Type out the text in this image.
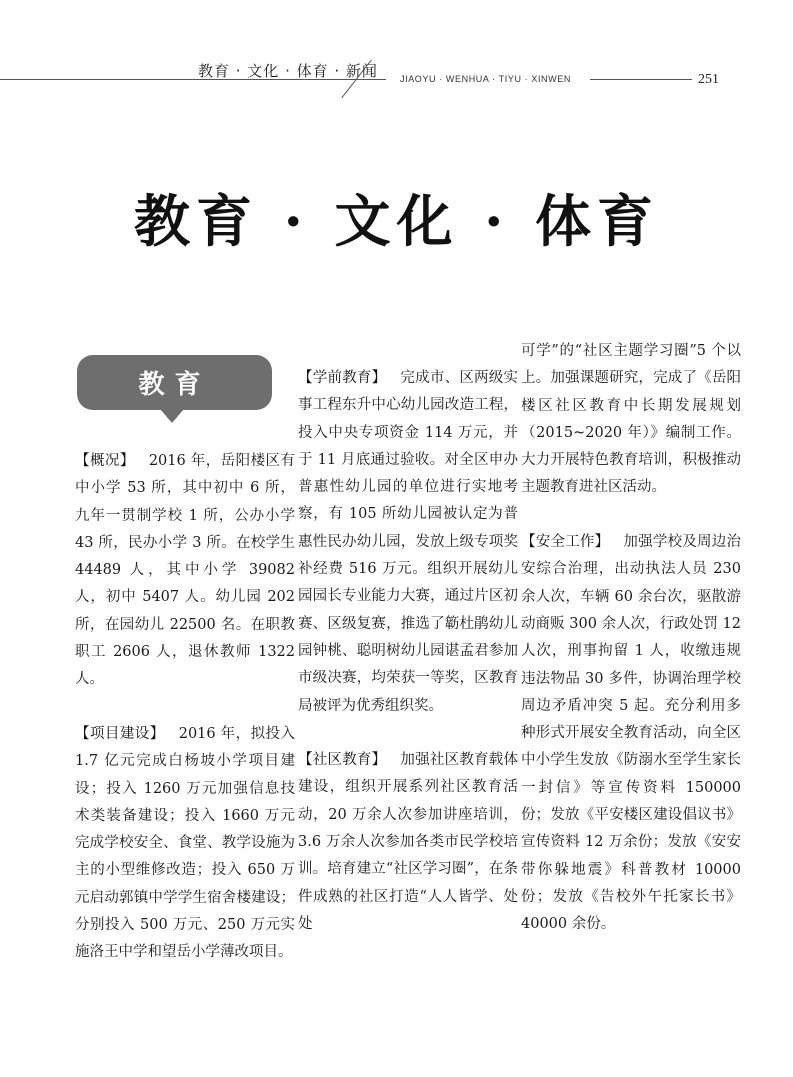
教育 · 文化 · 体育 · 新闻 JIAOYU · WENHUA · TIYU · XINWEN	251
教育 · 文化 · 体育
教育

【概况】 2016 年，岳阳楼区有中小学 53 所，其中初中 6 所，九年一贯制学校 1 所，公办小学 43 所，民办小学 3 所。在校学生 44489 人，其中小学 39082 人，初中 5407 人。幼儿园 202 所，在园幼儿 22500 名。在职教职工 2606 人，退休教师 1322 人。

【项目建设】 2016 年，拟投入 1.7 亿元完成白杨坡小学项目建设；投入 1260 万元加强信息技术类装备建设；投入 1660 万元完成学校安全、食堂、教学设施为主的小型维修改造；投入 650 万元启动郭镇中学学生宿舍楼建设；分别投入 500 万元、250 万元实施洛王中学和望岳小学薄改项目。

【学前教育】 完成市、区两级实事工程东升中心幼儿园改造工程，投入中央专项资金 114 万元，并于 11 月底通过验收。对全区申办普惠性幼儿园的单位进行实地考察，有 105 所幼儿园被认定为普惠性民办幼儿园，发放上级专项奖补经费 516 万元。组织开展幼儿园园长专业能力大赛，通过片区初赛、区级复赛，推选了簕杜鹃幼儿园钟桃、聪明树幼儿园谌孟君参加市级决赛，均荣获一等奖，区教育局被评为优秀组织奖。

【社区教育】 加强社区教育载体建设，组织开展系列社区教育活动，20 万余人次参加讲座培训，3.6 万余人次参加各类市民学校培训。培育建立“社区学习圈”，在条件成熟的社区打造“人人皆学、处处

可学”的“社区主题学习圈”5 个以上。加强课题研究，完成了《岳阳楼区社区教育中长期发展规划（2015~2020 年）》编制工作。大力开展特色教育培训，积极推动主题教育进社区活动。

【安全工作】 加强学校及周边治安综合治理，出动执法人员 230 余人次，车辆 60 余台次，驱散游动商贩 300 余人次，行政处罚 12 人次，刑事拘留 1 人，收缴违规违法物品 30 多件，协调治理学校周边矛盾冲突 5 起。充分利用多种形式开展安全教育活动，向全区中小学生发放《防溺水至学生家长一封信》等宣传资料 150000 份；发放《平安楼区建设倡议书》宣传资料 12 万余份；发放《安安带你躲地震》科普教材 10000 份；发放《告校外午托家长书》40000 余份。
